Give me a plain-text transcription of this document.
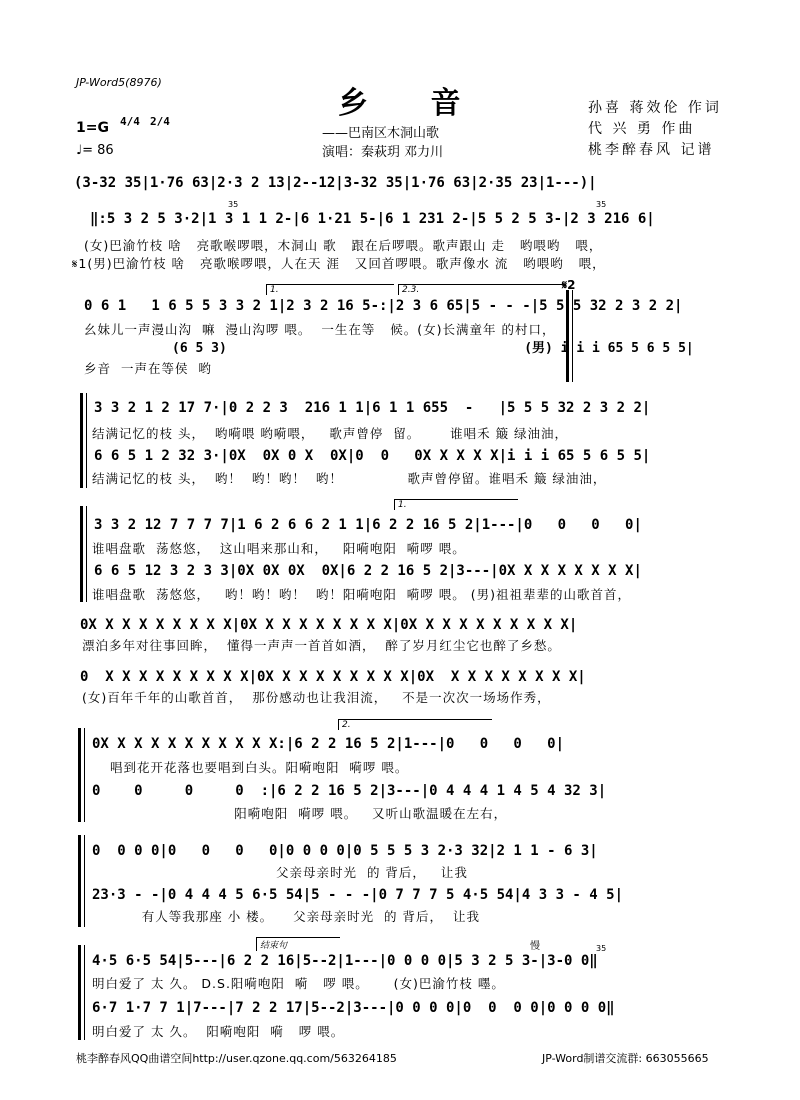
JP-Word5(8976)
乡 音
——巴南区木洞山歌
演唱：秦萩玥 邓力川
1=G 4/4 2/4
♩= 86
孙喜 蒋效伦 作词
代 兴 勇 作曲
桃李醉春风 记谱
(3-32 35|1·76 63|2·3 2 13|2--12|3-32 35|1·76 63|2·35 23|1---)|
‖:5 3 2 5 3·2|1 3 1 1 2-|6 1·21 5-|6 1 231 2-|5 5 2 5 3-|2 3 216 6|
35	35
(女)巴渝竹枝 啥   亮歌喉啰喂，木洞山 歌   跟在后啰喂。歌声跟山 走   哟喂哟   喂，
𝄋1(男)巴渝竹枝 啥   亮歌喉啰喂，人在天 涯   又回首啰喂。歌声像水 流   哟喂哟   喂，
1.	2.3.	𝄋2
0 6 1   1 6 5 5 3 3 2 1|2 3 2 16 5-:|2 3 6 65|5 - - -|5 5 5 32 2 3 2 2|
幺妹儿一声漫山沟  嘛  漫山沟啰 喂。  一生在等   候。(女)长满童年 的村口，
(6 5 3)                                      (男) i i i 65 5 6 5 5|
乡音  一声在等侯  哟
3 3 2 1 2 17 7·|0 2 2 3  216 1 1|6 1 1 655  -   |5 5 5 32 2 3 2 2|
结满记忆的枝 头，  哟嗬喂 哟嗬喂，   歌声曾停  留。      谁唱禾 簸 绿油油，
6 6 5 1 2 32 3·|0X  0X 0 X  0X|0  0   0X X X X X|i i i 65 5 6 5 5|
结满记忆的枝 头，  哟！  哟！哟！  哟！             歌声曾停留。谁唱禾 簸 绿油油，
1.
3 3 2 12 7 7 7 7|1 6 2 6 6 2 1 1|6 2 2 16 5 2|1---|0   0   0   0|
谁唱盘歌  荡悠悠，  这山唱来那山和，   阳嗬咆阳  嗬啰 喂。
6 6 5 12 3 2 3 3|0X 0X 0X  0X|6 2 2 16 5 2|3---|0X X X X X X X X|
谁唱盘歌  荡悠悠，   哟！哟！哟！  哟！阳嗬咆阳  嗬啰 喂。 (男)祖祖辈辈的山歌首首，
0X X X X X X X X X|0X X X X X X X X X|0X X X X X X X X X X|
漂泊多年对往事回眸，  懂得一声声一首首如酒，  醉了岁月红尘它也醉了乡愁。
0  X X X X X X X X X|0X X X X X X X X X|0X  X X X X X X X X|
(女)百年千年的山歌首首，  那份感动也让我泪流，   不是一次次一场场作秀，
2.
0X X X X X X X X X X X:|6 2 2 16 5 2|1---|0   0   0   0|
唱到花开花落也要唱到白头。阳嗬咆阳  嗬啰 喂。
0    0     0     0  :|6 2 2 16 5 2|3---|0 4 4 4 1 4 5 4 32 3|
阳嗬咆阳  嗬啰 喂。   又听山歌温暖在左右，
0  0 0 0|0   0   0   0|0 0 0 0|0 5 5 5 3 2·3 32|2 1 1 - 6 3|
父亲母亲时光  的 背后，   让我
23·3 - -|0 4 4 4 5 6·5 54|5 - - -|0 7 7 7 5 4·5 54|4 3 3 - 4 5|
有人等我那座 小 楼。    父亲母亲时光  的 背后，  让我
结束句	慢	35
4·5 6·5 54|5---|6 2 2 16|5--2|1---|0 0 0 0|5 3 2 5 3-|3-0 0‖
明白爱了 太 久。 D.S.阳嗬咆阳  嗬   啰 喂。     (女)巴渝竹枝 嚜。
6·7 1·7 7 1|7---|7 2 2 17|5--2|3---|0 0 0 0|0  0  0 0|0 0 0 0‖
明白爱了 太 久。  阳嗬咆阳  嗬   啰 喂。
桃李醉春风QQ曲谱空间http://user.qzone.qq.com/563264185	JP-Word制谱交流群: 663055665
